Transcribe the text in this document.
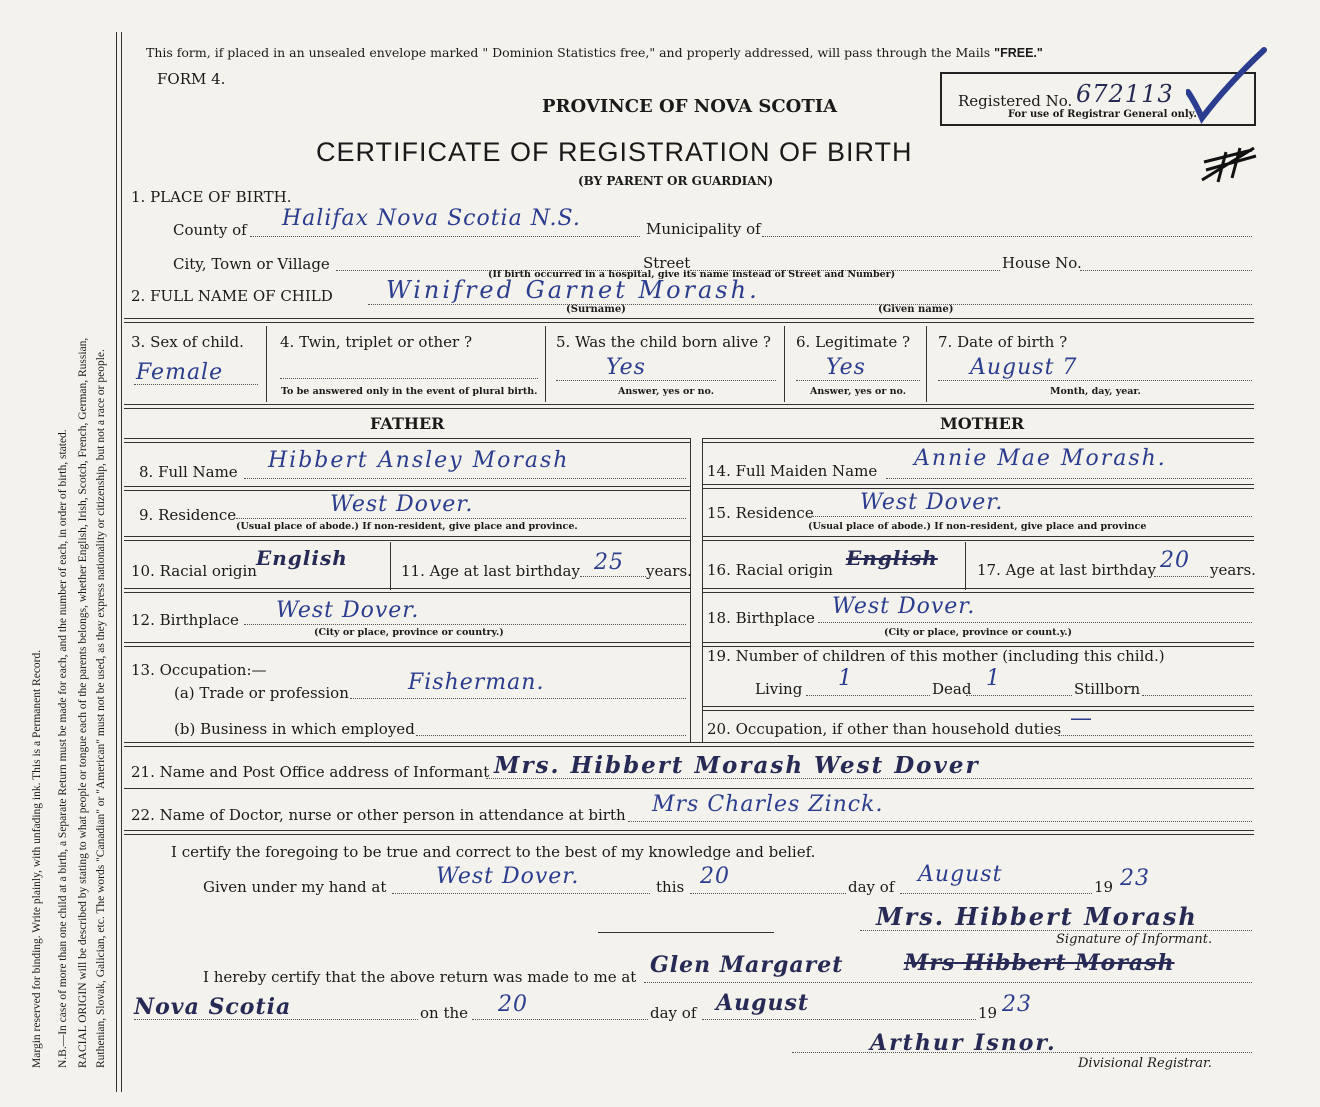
Margin reserved for binding. Write plainly, with unfading ink. This is a Permanent Record. N.B.—In case of more than one child at a birth, a Separate Return must be made for each, and the number of each, in order of birth, stated. RACIAL ORIGIN will be described by stating to what people or tongue each of the parents belongs, whether English, Irish, Scotch, French, German, Russian, Ruthenian, Slovak, Galician, etc. The words "Canadian" or "American" must not be used, as they express nationality or citizenship, but not a race or people.
This form, if placed in an unsealed envelope marked " Dominion Statistics free," and properly addressed, will pass through the Mails "FREE."
FORM 4.
PROVINCE OF NOVA SCOTIA
CERTIFICATE OF REGISTRATION OF BIRTH
(BY PARENT OR GUARDIAN)
Registered No. 672113
For use of Registrar General only.
1. PLACE OF BIRTH.
County of Halifax Nova Scotia N.S.	Municipality of
City, Town or Village	Street	House No.
(If birth occurred in a hospital, give its name instead of Street and Number)
2. FULL NAME OF CHILD Winifred Garnet Morash.
(Surname)	(Given name)
3. Sex of child.
Female
4. Twin, triplet or other ?
To be answered only in the event of plural birth.
5. Was the child born alive ?
Yes
Answer, yes or no.
6. Legitimate ?
Yes
Answer, yes or no.
7. Date of birth ?
August 7
Month, day, year.
FATHER	MOTHER
8. Full Name Hibbert Ansley Morash	14. Full Maiden Name Annie Mae Morash.
9. Residence	West Dover.
(Usual place of abode.) If non-resident, give place and province.
15. Residence West Dover.
(Usual place of abode.) If non-resident, give place and province
10. Racial origin
English
11. Age at last birthday 25 years. 16. Racial origin English	17. Age at last birthday 20 years.
12. Birthplace West Dover.
(City or place, province or country.)
18. Birthplace West Dover.
(City or place, province or count.y.)
13. Occupation:—
(a) Trade or profession	Fisherman.
(b) Business in which employed
19. Number of children of this mother (including this child.)
Living 1	Dead 1	Stillborn
20. Occupation, if other than household duties —
21. Name and Post Office address of Informant Mrs. Hibbert Morash West Dover
22. Name of Doctor, nurse or other person in attendance at birth Mrs Charles Zinck.
I certify the foregoing to be true and correct to the best of my knowledge and belief.
Given under my hand at West Dover.	this 20	day of August	19 23
Mrs. Hibbert Morash
Signature of Informant.
I hereby certify that the above return was made to me at Glen Margaret	Mrs Hibbert Morash
Nova Scotia	on the 20	day of August	19 23
Arthur Isnor.
Divisional Registrar.
